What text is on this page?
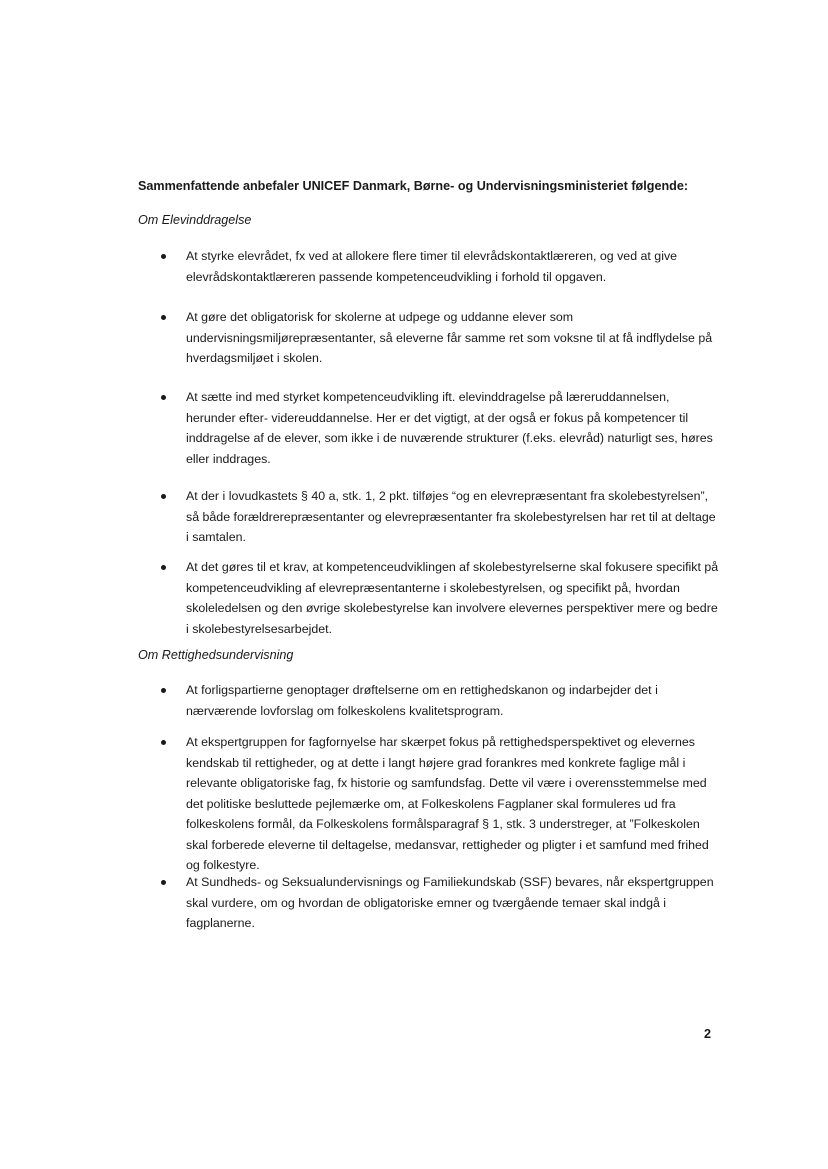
Sammenfattende anbefaler UNICEF Danmark, Børne- og Undervisningsministeriet følgende:
Om Elevinddragelse
At styrke elevrådet, fx ved at allokere flere timer til elevrådskontaktlæreren, og ved at give elevrådskontaktlæreren passende kompetenceudvikling i forhold til opgaven.
At gøre det obligatorisk for skolerne at udpege og uddanne elever som undervisningsmiljørepræsentanter, så eleverne får samme ret som voksne til at få indflydelse på hverdagsmiljøet i skolen.
At sætte ind med styrket kompetenceudvikling ift. elevinddragelse på læreruddannelsen, herunder efter- videreuddannelse. Her er det vigtigt, at der også er fokus på kompetencer til inddragelse af de elever, som ikke i de nuværende strukturer (f.eks. elevråd) naturligt ses, høres eller inddrages.
At der i lovudkastets § 40 a, stk. 1, 2 pkt. tilføjes “og en elevrepræsentant fra skolebestyrelsen”, så både forældrerepræsentanter og elevrepræsentanter fra skolebestyrelsen har ret til at deltage i samtalen.
At det gøres til et krav, at kompetenceudviklingen af skolebestyrelserne skal fokusere specifikt på kompetenceudvikling af elevrepræsentanterne i skolebestyrelsen, og specifikt på, hvordan skoleledelsen og den øvrige skolebestyrelse kan involvere elevernes perspektiver mere og bedre i skolebestyrelsesarbejdet.
Om Rettighedsundervisning
At forligspartierne genoptager drøftelserne om en rettighedskanon og indarbejder det i nærværende lovforslag om folkeskolens kvalitetsprogram.
At ekspertgruppen for fagfornyelse har skærpet fokus på rettighedsperspektivet og elevernes kendskab til rettigheder, og at dette i langt højere grad forankres med konkrete faglige mål i relevante obligatoriske fag, fx historie og samfundsfag. Dette vil være i overensstemmelse med det politiske besluttede pejlemærke om, at Folkeskolens Fagplaner skal formuleres ud fra folkeskolens formål, da Folkeskolens formålsparagraf § 1, stk. 3 understreger, at ”Folkeskolen skal forberede eleverne til deltagelse, medansvar, rettigheder og pligter i et samfund med frihed og folkestyre.
At Sundheds- og Seksualundervisnings og Familiekundskab (SSF) bevares, når ekspertgruppen skal vurdere, om og hvordan de obligatoriske emner og tværgående temaer skal indgå i fagplanerne.
2
